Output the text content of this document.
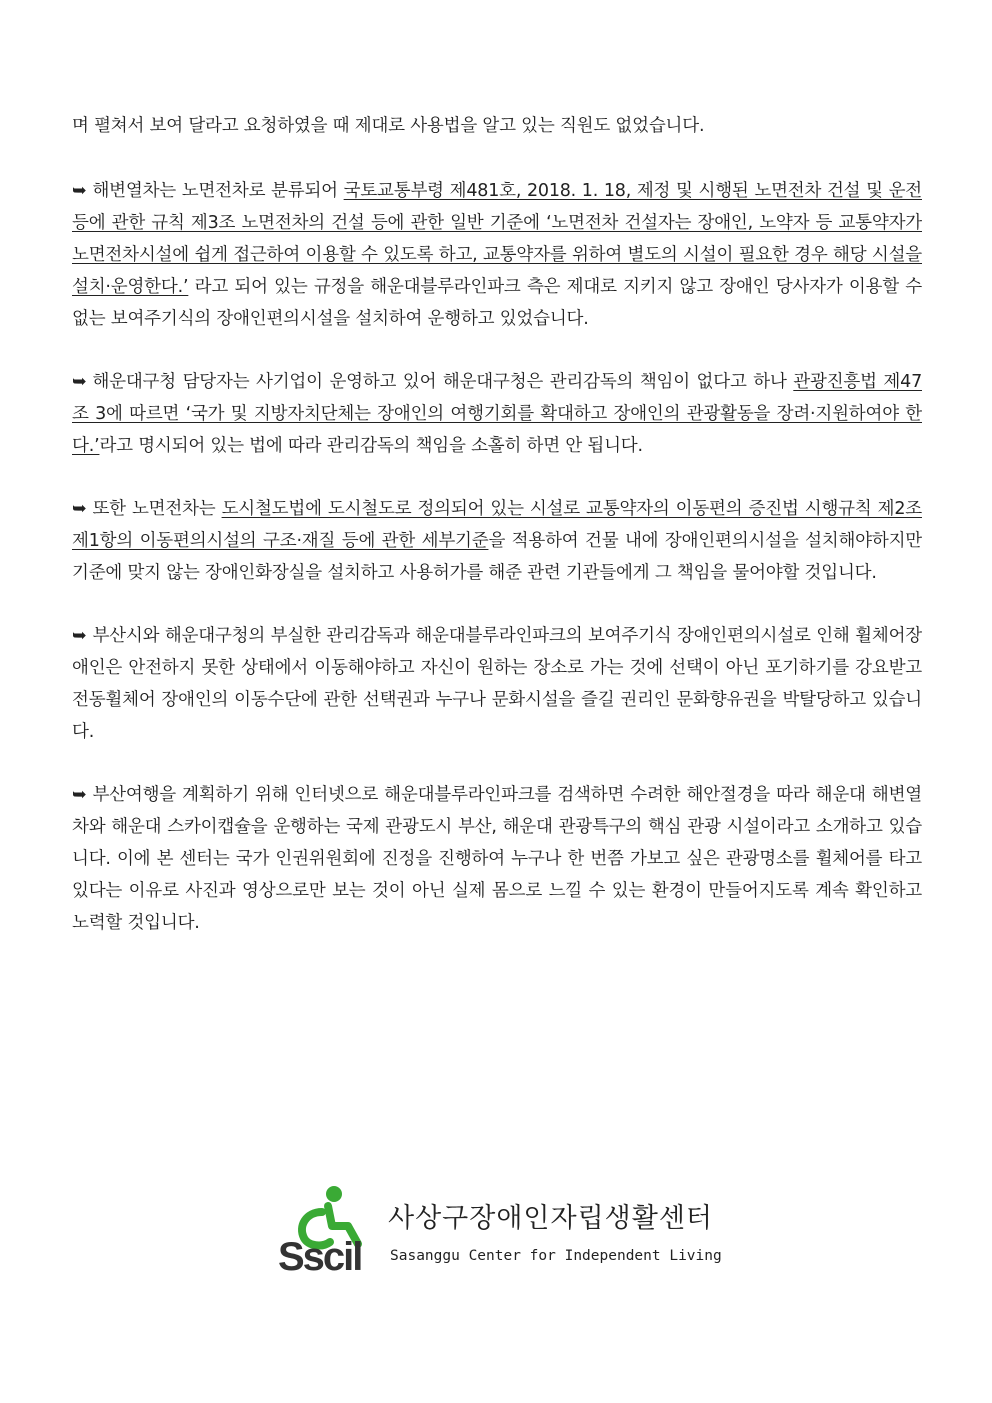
며 펼쳐서 보여 달라고 요청하였을 때 제대로 사용법을 알고 있는 직원도 없었습니다.

➥ 해변열차는 노면전차로 분류되어 국토교통부령 제481호, 2018. 1. 18, 제정 및 시행된 노면전차 건설 및 운전 등에 관한 규칙 제3조 노면전차의 건설 등에 관한 일반 기준에 ‘노면전차 건설자는 장애인, 노약자 등 교통약자가 노면전차시설에 쉽게 접근하여 이용할 수 있도록 하고, 교통약자를 위하여 별도의 시설이 필요한 경우 해당 시설을 설치·운영한다.’ 라고 되어 있는 규정을 해운대블루라인파크 측은 제대로 지키지 않고 장애인 당사자가 이용할 수 없는 보여주기식의 장애인편의시설을 설치하여 운행하고 있었습니다.

➥ 해운대구청 담당자는 사기업이 운영하고 있어 해운대구청은 관리감독의 책임이 없다고 하나 관광진흥법 제47조 3에 따르면 ‘국가 및 지방자치단체는 장애인의 여행기회를 확대하고 장애인의 관광활동을 장려·지원하여야 한다.’라고 명시되어 있는 법에 따라 관리감독의 책임을 소홀히 하면 안 됩니다.

➥ 또한 노면전차는 도시철도법에 도시철도로 정의되어 있는 시설로 교통약자의 이동편의 증진법 시행규칙 제2조제1항의 이동편의시설의 구조·재질 등에 관한 세부기준을 적용하여 건물 내에 장애인편의시설을 설치해야하지만 기준에 맞지 않는 장애인화장실을 설치하고 사용허가를 해준 관련 기관들에게 그 책임을 물어야할 것입니다.

➥ 부산시와 해운대구청의 부실한 관리감독과 해운대블루라인파크의 보여주기식 장애인편의시설로 인해 휠체어장애인은 안전하지 못한 상태에서 이동해야하고 자신이 원하는 장소로 가는 것에 선택이 아닌 포기하기를 강요받고 전동휠체어 장애인의 이동수단에 관한 선택권과 누구나 문화시설을 즐길 권리인 문화향유권을 박탈당하고 있습니다.

➥ 부산여행을 계획하기 위해 인터넷으로 해운대블루라인파크를 검색하면 수려한 해안절경을 따라 해운대 해변열차와 해운대 스카이캡슐을 운행하는 국제 관광도시 부산, 해운대 관광특구의 핵심 관광 시설이라고 소개하고 있습니다. 이에 본 센터는 국가 인권위원회에 진정을 진행하여 누구나 한 번쯤 가보고 싶은 관광명소를 휠체어를 타고 있다는 이유로 사진과 영상으로만 보는 것이 아닌 실제 몸으로 느낄 수 있는 환경이 만들어지도록 계속 확인하고 노력할 것입니다.

Sscil
사상구장애인자립생활센터
Sasanggu Center for Independent Living
